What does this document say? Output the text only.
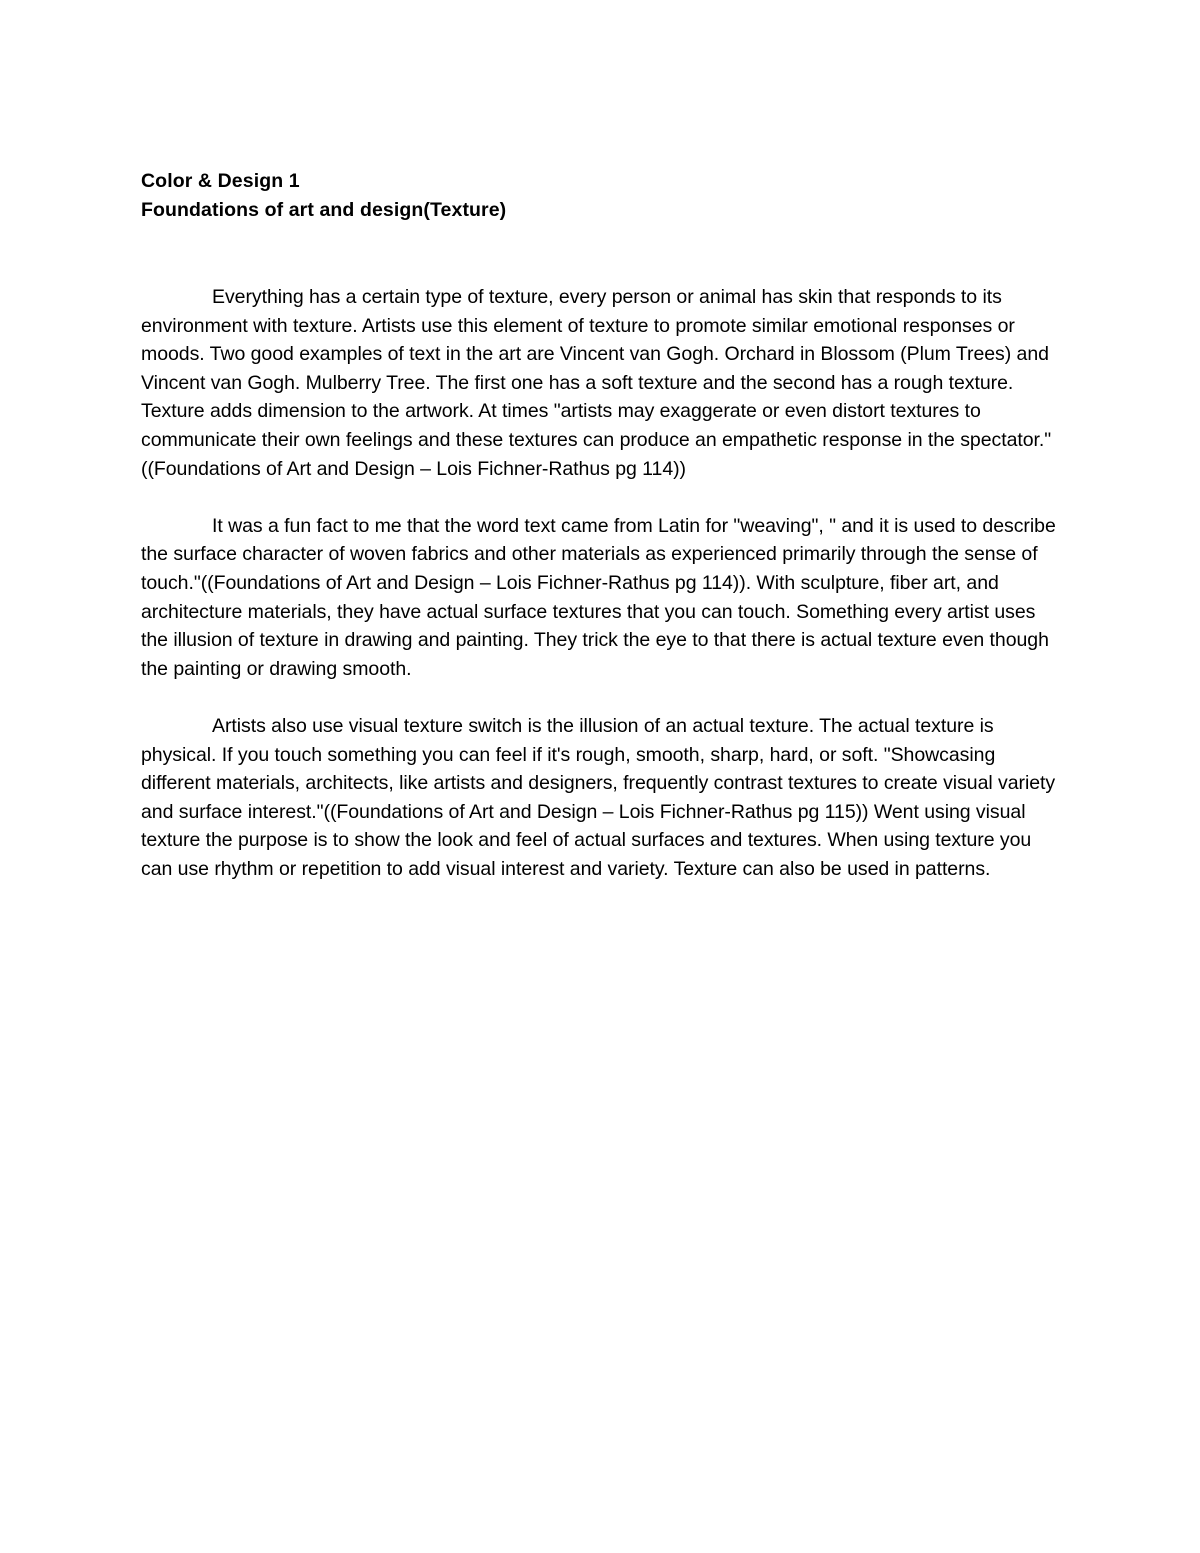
Color & Design 1

Foundations of art and design(Texture)

Everything has a certain type of texture, every person or animal has skin that responds to its environment with texture. Artists use this element of texture to promote similar emotional responses or moods. Two good examples of text in the art are Vincent van Gogh. Orchard in Blossom (Plum Trees) and Vincent van Gogh. Mulberry Tree. The first one has a soft texture and the second has a rough texture. Texture adds dimension to the artwork. At times "artists may exaggerate or even distort textures to communicate their own feelings and these textures can produce an empathetic response in the spectator."((Foundations of Art and Design – Lois Fichner-Rathus pg 114))

It was a fun fact to me that the word text came from Latin for "weaving", " and it is used to describe the surface character of woven fabrics and other materials as experienced primarily through the sense of touch."((Foundations of Art and Design – Lois Fichner-Rathus pg 114)). With sculpture, fiber art, and architecture materials, they have actual surface textures that you can touch. Something every artist uses the illusion of texture in drawing and painting. They trick the eye to that there is actual texture even though the painting or drawing smooth.

Artists also use visual texture switch is the illusion of an actual texture. The actual texture is physical. If you touch something you can feel if it's rough, smooth, sharp, hard, or soft. "Showcasing different materials, architects, like artists and designers, frequently contrast textures to create visual variety and surface interest."((Foundations of Art and Design – Lois Fichner-Rathus pg 115)) Went using visual texture the purpose is to show the look and feel of actual surfaces and textures. When using texture you can use rhythm or repetition to add visual interest and variety. Texture can also be used in patterns.
